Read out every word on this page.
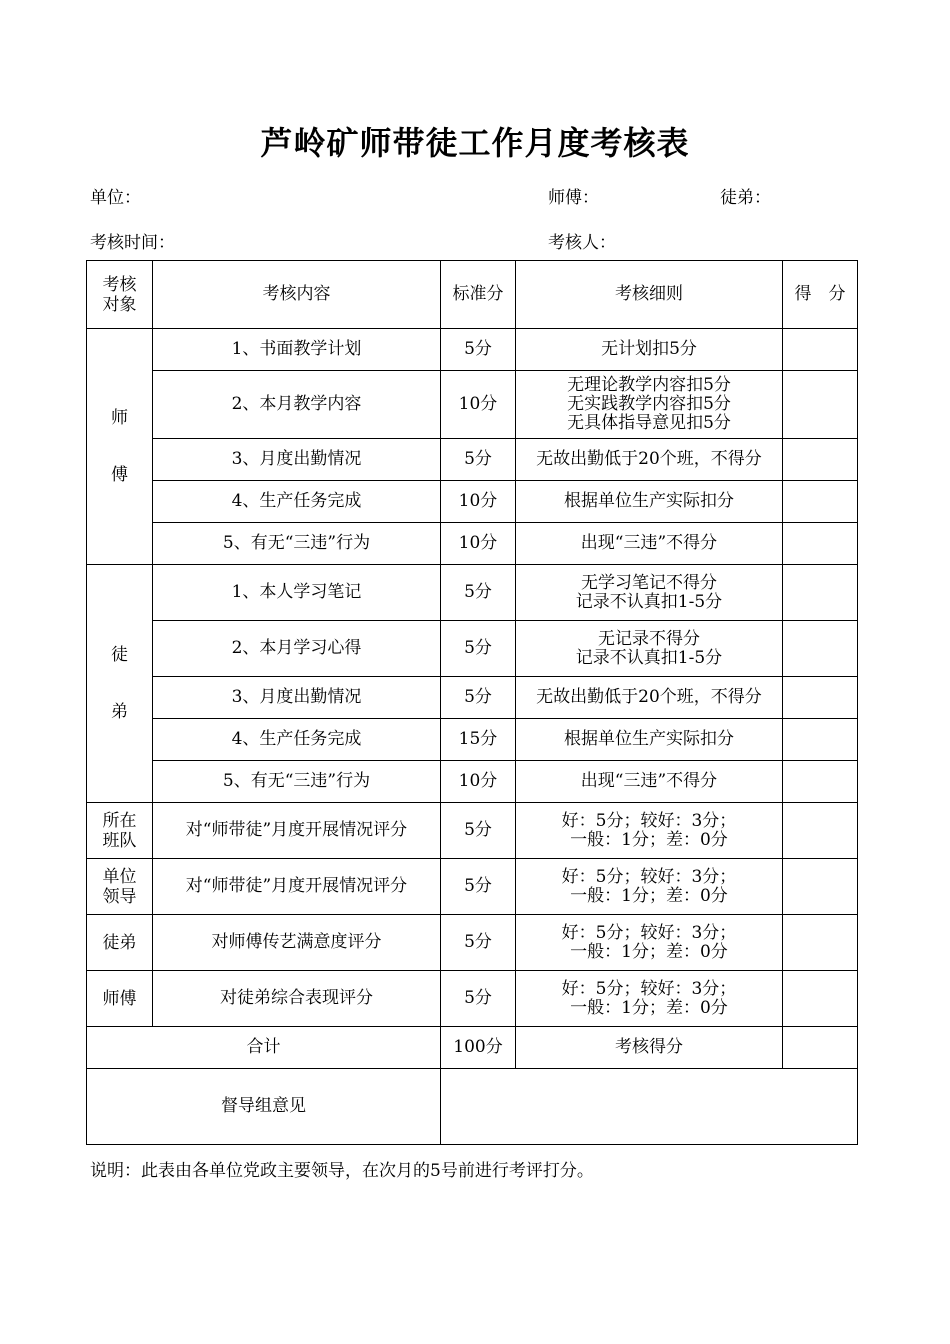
芦岭矿师带徒工作月度考核表
单位：	师傅：	徒弟：
考核时间：	考核人：
考核
对象	考核内容	标准分	考核细则	得　分

师
傅	1、书面教学计划	5分	无计划扣5分	

	2、本月教学内容	10分	无理论教学内容扣5分
无实践教学内容扣5分
无具体指导意见扣5分	

	3、月度出勤情况	5分	无故出勤低于20个班，不得分	

	4、生产任务完成	10分	根据单位生产实际扣分	

	5、有无“三违”行为	10分	出现“三违”不得分	

徒
弟	1、本人学习笔记	5分	无学习笔记不得分
记录不认真扣1-5分	

	2、本月学习心得	5分	无记录不得分
记录不认真扣1-5分	

	3、月度出勤情况	5分	无故出勤低于20个班，不得分	

	4、生产任务完成	15分	根据单位生产实际扣分	

	5、有无“三违”行为	10分	出现“三违”不得分	

所在
班队	对“师带徒”月度开展情况评分	5分	好：5分；较好：3分；
一般：1分；差：0分	

单位
领导	对“师带徒”月度开展情况评分	5分	好：5分；较好：3分；
一般：1分；差：0分	

徒弟	对师傅传艺满意度评分	5分	好：5分；较好：3分；
一般：1分；差：0分	

师傅	对徒弟综合表现评分	5分	好：5分；较好：3分；
一般：1分；差：0分	

合计		100分	考核得分	
督导组意见				
说明：此表由各单位党政主要领导，在次月的5号前进行考评打分。
